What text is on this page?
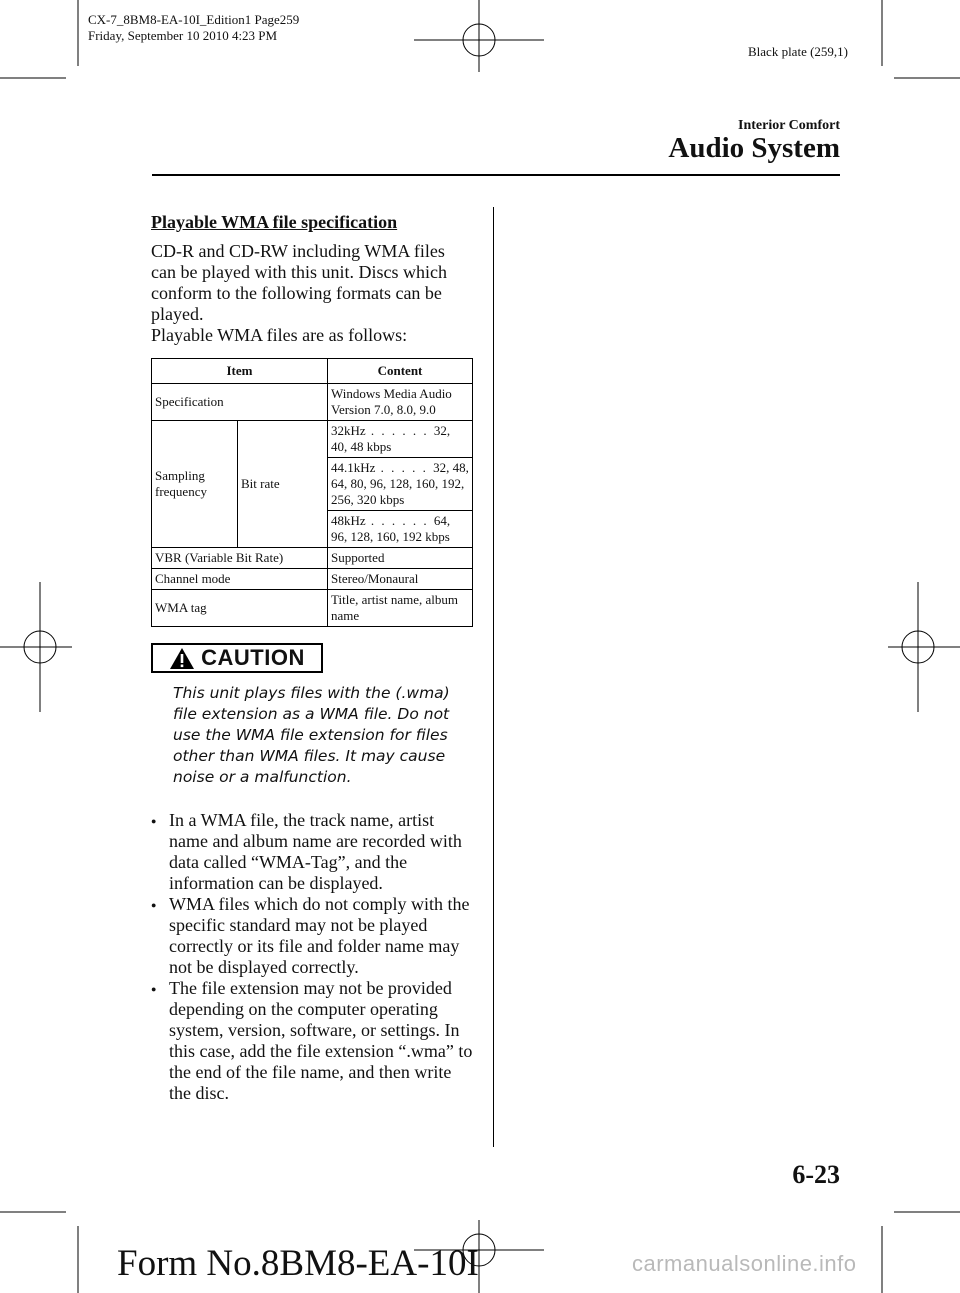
CX-7_8BM8-EA-10I_Edition1 Page259
Friday, September 10 2010 4:23 PM
Black plate (259,1)
Interior Comfort
Audio System
Playable WMA file specification

CD-R and CD-RW including WMA files can be played with this unit. Discs which conform to the following formats can be played.

Playable WMA files are as follows:

Item		Content
Specification		Windows Media Audio Version 7.0, 8.0, 9.0
Sampling frequency	Bit rate	32kHz . . . . . . 32, 40, 48 kbps
		44.1kHz . . . . . 32, 48, 64, 80, 96, 128, 160, 192, 256, 320 kbps
		48kHz . . . . . . 64, 96, 128, 160, 192 kbps
VBR (Variable Bit Rate)		Supported
Channel mode		Stereo/Monaural
WMA tag		Title, artist name, album name
CAUTION
This unit plays files with the (.wma) file extension as a WMA file. Do not use the WMA file extension for files other than WMA files. It may cause noise or a malfunction.
● In a WMA file, the track name, artist name and album name are recorded with data called “WMA-Tag”, and the information can be displayed.
● WMA files which do not comply with the specific standard may not be played correctly or its file and folder name may not be displayed correctly.
● The file extension may not be provided depending on the computer operating system, version, software, or settings. In this case, add the file extension “.wma” to the end of the file name, and then write the disc.
6-23
Form No.8BM8-EA-10I	carmanualsonline.info
